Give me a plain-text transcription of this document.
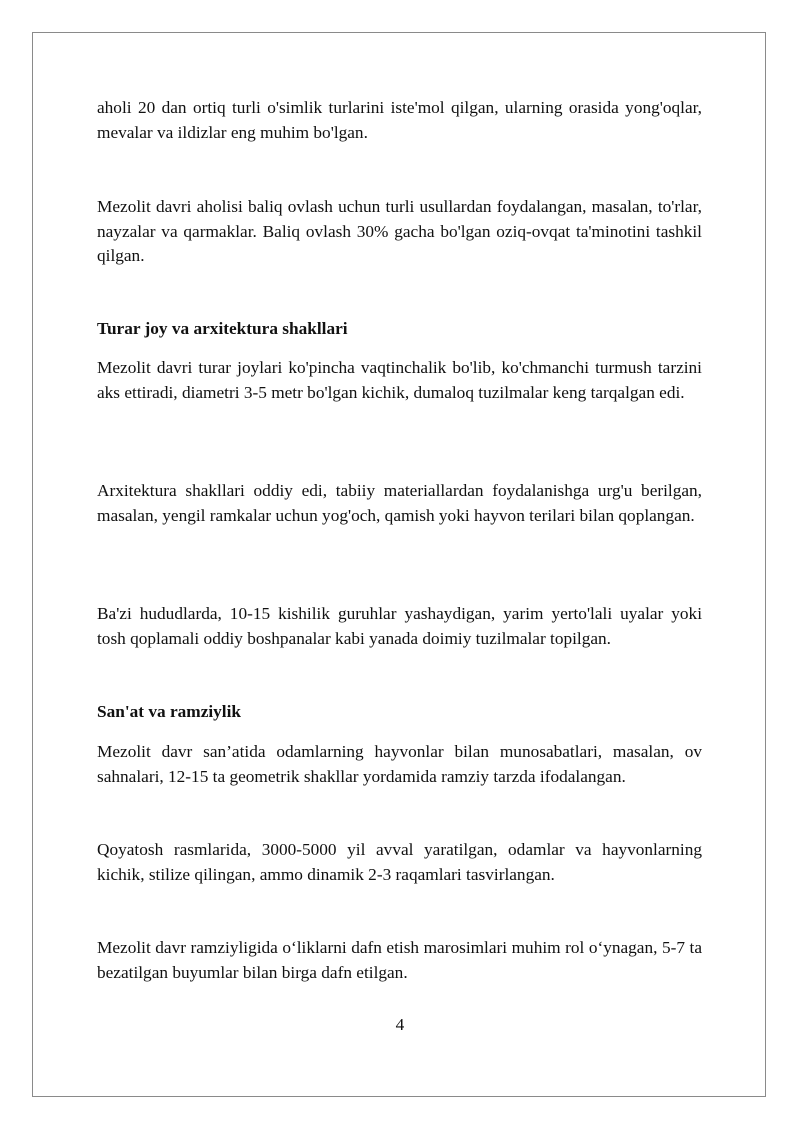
aholi 20 dan ortiq turli o'simlik turlarini iste'mol qilgan, ularning orasida yong'oqlar, mevalar va ildizlar eng muhim bo'lgan.

Mezolit davri aholisi baliq ovlash uchun turli usullardan foydalangan, masalan, to'rlar, nayzalar va qarmaklar. Baliq ovlash 30% gacha bo'lgan oziq-ovqat ta'minotini tashkil qilgan.

Turar joy va arxitektura shakllari

Mezolit davri turar joylari ko'pincha vaqtinchalik bo'lib, ko'chmanchi turmush tarzini aks ettiradi, diametri 3-5 metr bo'lgan kichik, dumaloq tuzilmalar keng tarqalgan edi.

Arxitektura shakllari oddiy edi, tabiiy materiallardan foydalanishga urg'u berilgan, masalan, yengil ramkalar uchun yog'och, qamish yoki hayvon terilari bilan qoplangan.

Ba'zi hududlarda, 10-15 kishilik guruhlar yashaydigan, yarim yerto'lali uyalar yoki tosh qoplamali oddiy boshpanalar kabi yanada doimiy tuzilmalar topilgan.

San'at va ramziylik

Mezolit davr san’atida odamlarning hayvonlar bilan munosabatlari, masalan, ov sahnalari, 12-15 ta geometrik shakllar yordamida ramziy tarzda ifodalangan.

Qoyatosh rasmlarida, 3000-5000 yil avval yaratilgan, odamlar va hayvonlarning kichik, stilize qilingan, ammo dinamik 2-3 raqamlari tasvirlangan.

Mezolit davr ramziyligida o‘liklarni dafn etish marosimlari muhim rol o‘ynagan, 5-7 ta bezatilgan buyumlar bilan birga dafn etilgan.

4
